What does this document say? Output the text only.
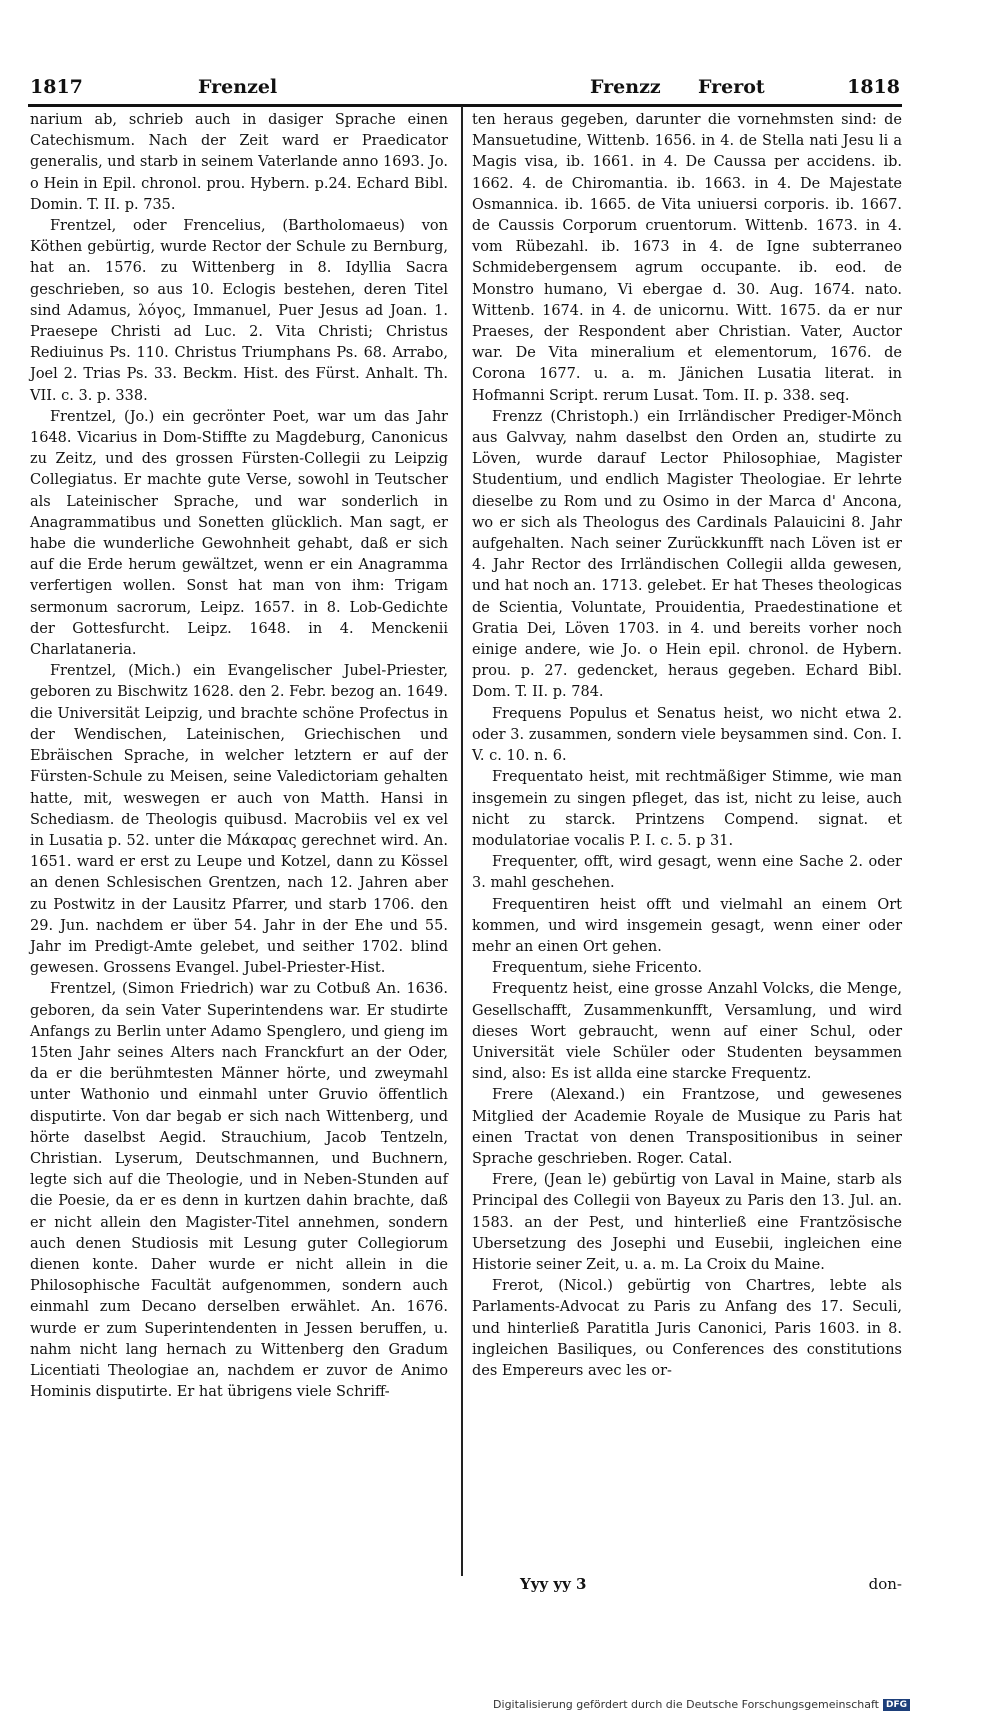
1817	Frenzel	Frenzz Frerot	1818

narium ab, schrieb auch in dasiger Sprache einen Catechismum. Nach der Zeit ward er Praedicator generalis, und starb in seinem Vaterlande anno 1693. Jo. o Hein in Epil. chronol. prou. Hybern. p.24. Echard Bibl. Domin. T. II. p. 735.

Frentzel, oder Frencelius, (Bartholomaeus) von Köthen gebürtig, wurde Rector der Schule zu Bernburg, hat an. 1576. zu Wittenberg in 8. Idyllia Sacra geschrieben, so aus 10. Eclogis bestehen, deren Titel sind Adamus, λόγος, Immanuel, Puer Jesus ad Joan. 1. Praesepe Christi ad Luc. 2. Vita Christi; Christus Rediuinus Ps. 110. Christus Triumphans Ps. 68. Arrabo, Joel 2. Trias Ps. 33. Beckm. Hist. des Fürst. Anhalt. Th. VII. c. 3. p. 338.

Frentzel, (Jo.) ein gecrönter Poet, war um das Jahr 1648. Vicarius in Dom-Stiffte zu Magdeburg, Canonicus zu Zeitz, und des grossen Fürsten-Collegii zu Leipzig Collegiatus. Er machte gute Verse, sowohl in Teutscher als Lateinischer Sprache, und war sonderlich in Anagrammatibus und Sonetten glücklich. Man sagt, er habe die wunderliche Gewohnheit gehabt, daß er sich auf die Erde herum gewältzet, wenn er ein Anagramma verfertigen wollen. Sonst hat man von ihm: Trigam sermonum sacrorum, Leipz. 1657. in 8. Lob-Gedichte der Gottesfurcht. Leipz. 1648. in 4. Menckenii Charlataneria.

Frentzel, (Mich.) ein Evangelischer Jubel-Priester, geboren zu Bischwitz 1628. den 2. Febr. bezog an. 1649. die Universität Leipzig, und brachte schöne Profectus in der Wendischen, Lateinischen, Griechischen und Ebräischen Sprache, in welcher letztern er auf der Fürsten-Schule zu Meisen, seine Valedictoriam gehalten hatte, mit, weswegen er auch von Matth. Hansi in Schediasm. de Theologis quibusd. Macrobiis vel ex vel in Lusatia p. 52. unter die Μάκαρας gerechnet wird. An. 1651. ward er erst zu Leupe und Kotzel, dann zu Kössel an denen Schlesischen Grentzen, nach 12. Jahren aber zu Postwitz in der Lausitz Pfarrer, und starb 1706. den 29. Jun. nachdem er über 54. Jahr in der Ehe und 55. Jahr im Predigt-Amte gelebet, und seither 1702. blind gewesen. Grossens Evangel. Jubel-Priester-Hist.

Frentzel, (Simon Friedrich) war zu Cotbuß An. 1636. geboren, da sein Vater Superintendens war. Er studirte Anfangs zu Berlin unter Adamo Spenglero, und gieng im 15ten Jahr seines Alters nach Franckfurt an der Oder, da er die berühmtesten Männer hörte, und zweymahl unter Wathonio und einmahl unter Gruvio öffentlich disputirte. Von dar begab er sich nach Wittenberg, und hörte daselbst Aegid. Strauchium, Jacob Tentzeln, Christian. Lyserum, Deutschmannen, und Buchnern, legte sich auf die Theologie, und in Neben-Stunden auf die Poesie, da er es denn in kurtzen dahin brachte, daß er nicht allein den Magister-Titel annehmen, sondern auch denen Studiosis mit Lesung guter Collegiorum dienen konte. Daher wurde er nicht allein in die Philosophische Facultät aufgenommen, sondern auch einmahl zum Decano derselben erwählet. An. 1676. wurde er zum Superintendenten in Jessen beruffen, u. nahm nicht lang hernach zu Wittenberg den Gradum Licentiati Theologiae an, nachdem er zuvor de Animo Hominis disputirte. Er hat übrigens viele Schriff-

ten heraus gegeben, darunter die vornehmsten sind: de Mansuetudine, Wittenb. 1656. in 4. de Stella nati Jesu li a Magis visa, ib. 1661. in 4. De Caussa per accidens. ib. 1662. 4. de Chiromantia. ib. 1663. in 4. De Majestate Osmannica. ib. 1665. de Vita uniuersi corporis. ib. 1667. de Caussis Corporum cruentorum. Wittenb. 1673. in 4. vom Rübezahl. ib. 1673 in 4. de Igne subterraneo Schmidebergensem agrum occupante. ib. eod. de Monstro humano, Vi ebergae d. 30. Aug. 1674. nato. Wittenb. 1674. in 4. de unicornu. Witt. 1675. da er nur Praeses, der Respondent aber Christian. Vater, Auctor war. De Vita mineralium et elementorum, 1676. de Corona 1677. u. a. m. Jänichen Lusatia literat. in Hofmanni Script. rerum Lusat. Tom. II. p. 338. seq.

Frenzz (Christoph.) ein Irrländischer Prediger-Mönch aus Galvvay, nahm daselbst den Orden an, studirte zu Löven, wurde darauf Lector Philosophiae, Magister Studentium, und endlich Magister Theologiae. Er lehrte dieselbe zu Rom und zu Osimo in der Marca d' Ancona, wo er sich als Theologus des Cardinals Palauicini 8. Jahr aufgehalten. Nach seiner Zurückkunfft nach Löven ist er 4. Jahr Rector des Irrländischen Collegii allda gewesen, und hat noch an. 1713. gelebet. Er hat Theses theologicas de Scientia, Voluntate, Prouidentia, Praedestinatione et Gratia Dei, Löven 1703. in 4. und bereits vorher noch einige andere, wie Jo. o Hein epil. chronol. de Hybern. prou. p. 27. gedencket, heraus gegeben. Echard Bibl. Dom. T. II. p. 784.

Frequens Populus et Senatus heist, wo nicht etwa 2. oder 3. zusammen, sondern viele beysammen sind. Con. I. V. c. 10. n. 6.

Frequentato heist, mit rechtmäßiger Stimme, wie man insgemein zu singen pfleget, das ist, nicht zu leise, auch nicht zu starck. Printzens Compend. signat. et modulatoriae vocalis P. I. c. 5. p 31.

Frequenter, offt, wird gesagt, wenn eine Sache 2. oder 3. mahl geschehen.

Frequentiren heist offt und vielmahl an einem Ort kommen, und wird insgemein gesagt, wenn einer oder mehr an einen Ort gehen.

Frequentum, siehe Fricento.

Frequentz heist, eine grosse Anzahl Volcks, die Menge, Gesellschafft, Zusammenkunfft, Versamlung, und wird dieses Wort gebraucht, wenn auf einer Schul, oder Universität viele Schüler oder Studenten beysammen sind, also: Es ist allda eine starcke Frequentz.

Frere (Alexand.) ein Frantzose, und gewesenes Mitglied der Academie Royale de Musique zu Paris hat einen Tractat von denen Transpositionibus in seiner Sprache geschrieben. Roger. Catal.

Frere, (Jean le) gebürtig von Laval in Maine, starb als Principal des Collegii von Bayeux zu Paris den 13. Jul. an. 1583. an der Pest, und hinterließ eine Frantzösische Ubersetzung des Josephi und Eusebii, ingleichen eine Historie seiner Zeit, u. a. m. La Croix du Maine.

Frerot, (Nicol.) gebürtig von Chartres, lebte als Parlaments-Advocat zu Paris zu Anfang des 17. Seculi, und hinterließ Paratitla Juris Canonici, Paris 1603. in 8. ingleichen Basiliques, ou Conferences des constitutions des Empereurs avec les or-

Yyy yy 3	don-
Digitalisierung gefördert durch die Deutsche Forschungsgemeinschaft DFG
